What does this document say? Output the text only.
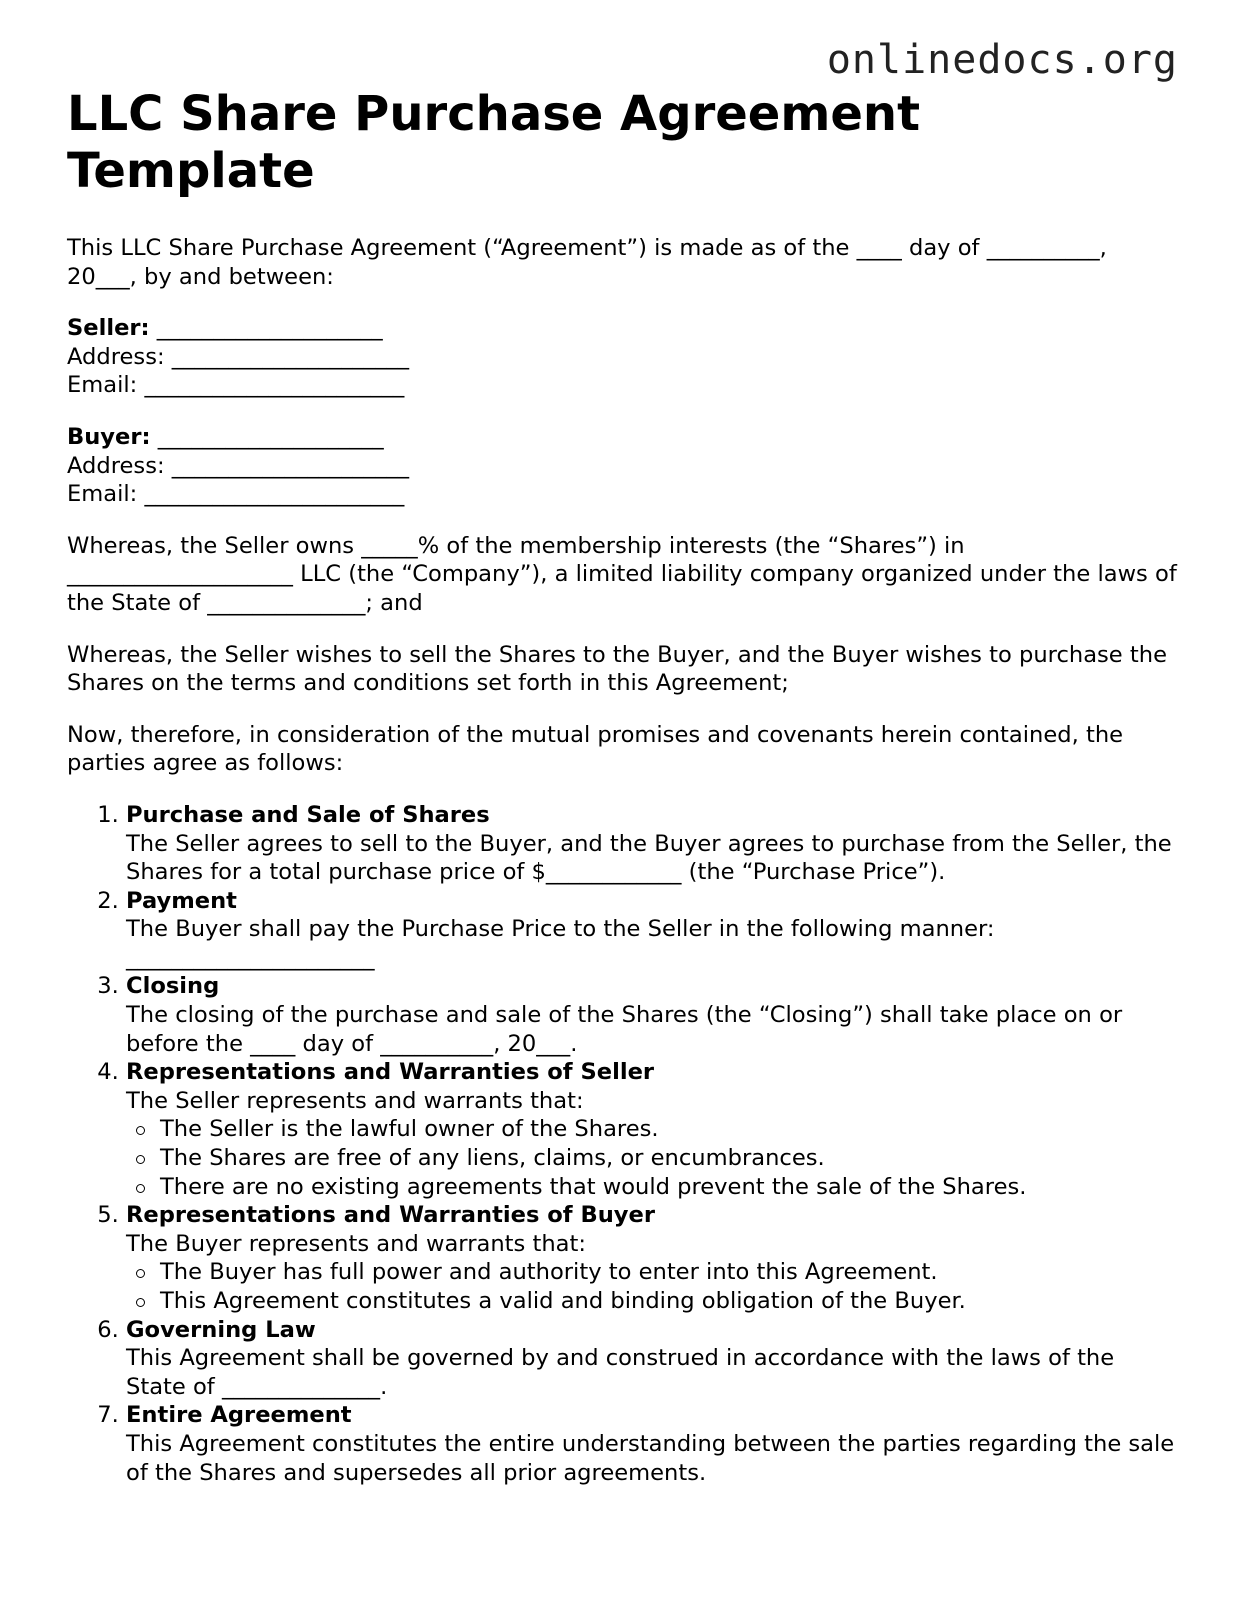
onlinedocs.org
LLC Share Purchase Agreement Template

This LLC Share Purchase Agreement (“Agreement”) is made as of the ____ day of __________, 20___, by and between:

Seller: ____________________
Address: _____________________
Email: _______________________
Buyer: ____________________
Address: _____________________
Email: _______________________

Whereas, the Seller owns _____% of the membership interests (the “Shares”) in ____________________ LLC (the “Company”), a limited liability company organized under the laws of the State of ______________; and

Whereas, the Seller wishes to sell the Shares to the Buyer, and the Buyer wishes to purchase the Shares on the terms and conditions set forth in this Agreement;

Now, therefore, in consideration of the mutual promises and covenants herein contained, the parties agree as follows:

1. Purchase and Sale of Shares
The Seller agrees to sell to the Buyer, and the Buyer agrees to purchase from the Seller, the Shares for a total purchase price of $____________ (the “Purchase Price”).
2. Payment
The Buyer shall pay the Purchase Price to the Seller in the following manner: ______________________
3. Closing
The closing of the purchase and sale of the Shares (the “Closing”) shall take place on or before the ____ day of __________, 20___.
4. Representations and Warranties of Seller
The Seller represents and warrants that:
The Seller is the lawful owner of the Shares.
The Shares are free of any liens, claims, or encumbrances.
There are no existing agreements that would prevent the sale of the Shares.
5. Representations and Warranties of Buyer
The Buyer represents and warrants that:
The Buyer has full power and authority to enter into this Agreement.
This Agreement constitutes a valid and binding obligation of the Buyer.
6. Governing Law
This Agreement shall be governed by and construed in accordance with the laws of the State of ______________.
7. Entire Agreement
This Agreement constitutes the entire understanding between the parties regarding the sale of the Shares and supersedes all prior agreements.
